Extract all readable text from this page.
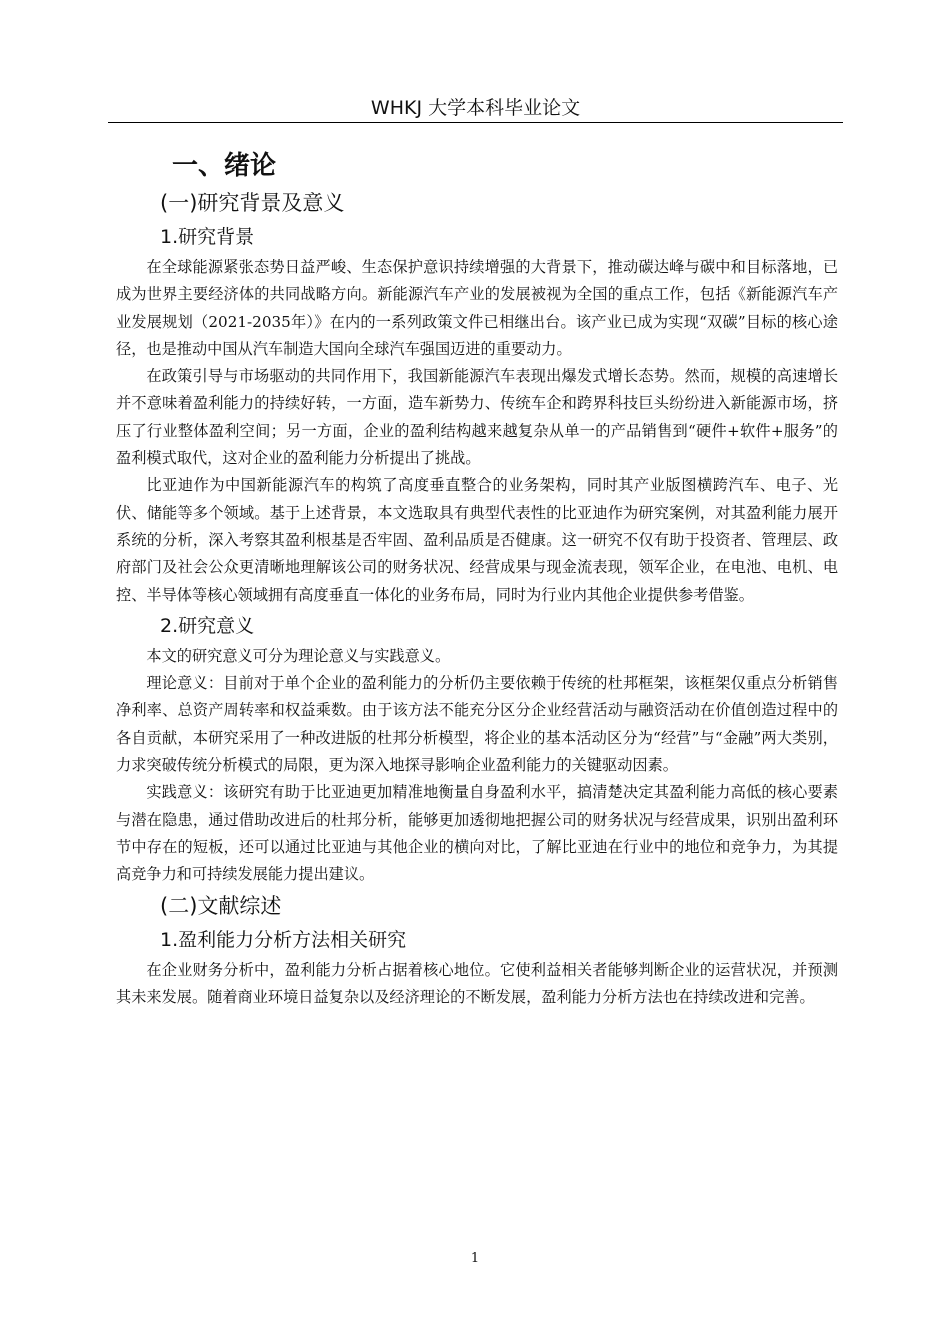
WHKJ 大学本科毕业论文
一、绪论
(一)研究背景及意义
1.研究背景

在全球能源紧张态势日益严峻、生态保护意识持续增强的大背景下，推动碳达峰与碳中和目标落地，已成为世界主要经济体的共同战略方向。新能源汽车产业的发展被视为全国的重点工作，包括《新能源汽车产业发展规划（2021-2035年）》在内的一系列政策文件已相继出台。该产业已成为实现“双碳”目标的核心途径，也是推动中国从汽车制造大国向全球汽车强国迈进的重要动力。

在政策引导与市场驱动的共同作用下，我国新能源汽车表现出爆发式增长态势。然而，规模的高速增长并不意味着盈利能力的持续好转，一方面，造车新势力、传统车企和跨界科技巨头纷纷进入新能源市场，挤压了行业整体盈利空间；另一方面，企业的盈利结构越来越复杂从单一的产品销售到“硬件+软件+服务”的盈利模式取代，这对企业的盈利能力分析提出了挑战。

比亚迪作为中国新能源汽车的构筑了高度垂直整合的业务架构，同时其产业版图横跨汽车、电子、光伏、储能等多个领域。基于上述背景，本文选取具有典型代表性的比亚迪作为研究案例，对其盈利能力展开系统的分析，深入考察其盈利根基是否牢固、盈利品质是否健康。这一研究不仅有助于投资者、管理层、政府部门及社会公众更清晰地理解该公司的财务状况、经营成果与现金流表现，领军企业，在电池、电机、电控、半导体等核心领域拥有高度垂直一体化的业务布局，同时为行业内其他企业提供参考借鉴。

2.研究意义

本文的研究意义可分为理论意义与实践意义。

理论意义：目前对于单个企业的盈利能力的分析仍主要依赖于传统的杜邦框架，该框架仅重点分析销售净利率、总资产周转率和权益乘数。由于该方法不能充分区分企业经营活动与融资活动在价值创造过程中的各自贡献，本研究采用了一种改进版的杜邦分析模型，将企业的基本活动区分为“经营”与“金融”两大类别，力求突破传统分析模式的局限，更为深入地探寻影响企业盈利能力的关键驱动因素。

实践意义：该研究有助于比亚迪更加精准地衡量自身盈利水平，搞清楚决定其盈利能力高低的核心要素与潜在隐患，通过借助改进后的杜邦分析，能够更加透彻地把握公司的财务状况与经营成果，识别出盈利环节中存在的短板，还可以通过比亚迪与其他企业的横向对比，了解比亚迪在行业中的地位和竞争力，为其提高竞争力和可持续发展能力提出建议。

(二)文献综述
1.盈利能力分析方法相关研究

在企业财务分析中，盈利能力分析占据着核心地位。它使利益相关者能够判断企业的运营状况，并预测其未来发展。随着商业环境日益复杂以及经济理论的不断发展，盈利能力分析方法也在持续改进和完善。

1
